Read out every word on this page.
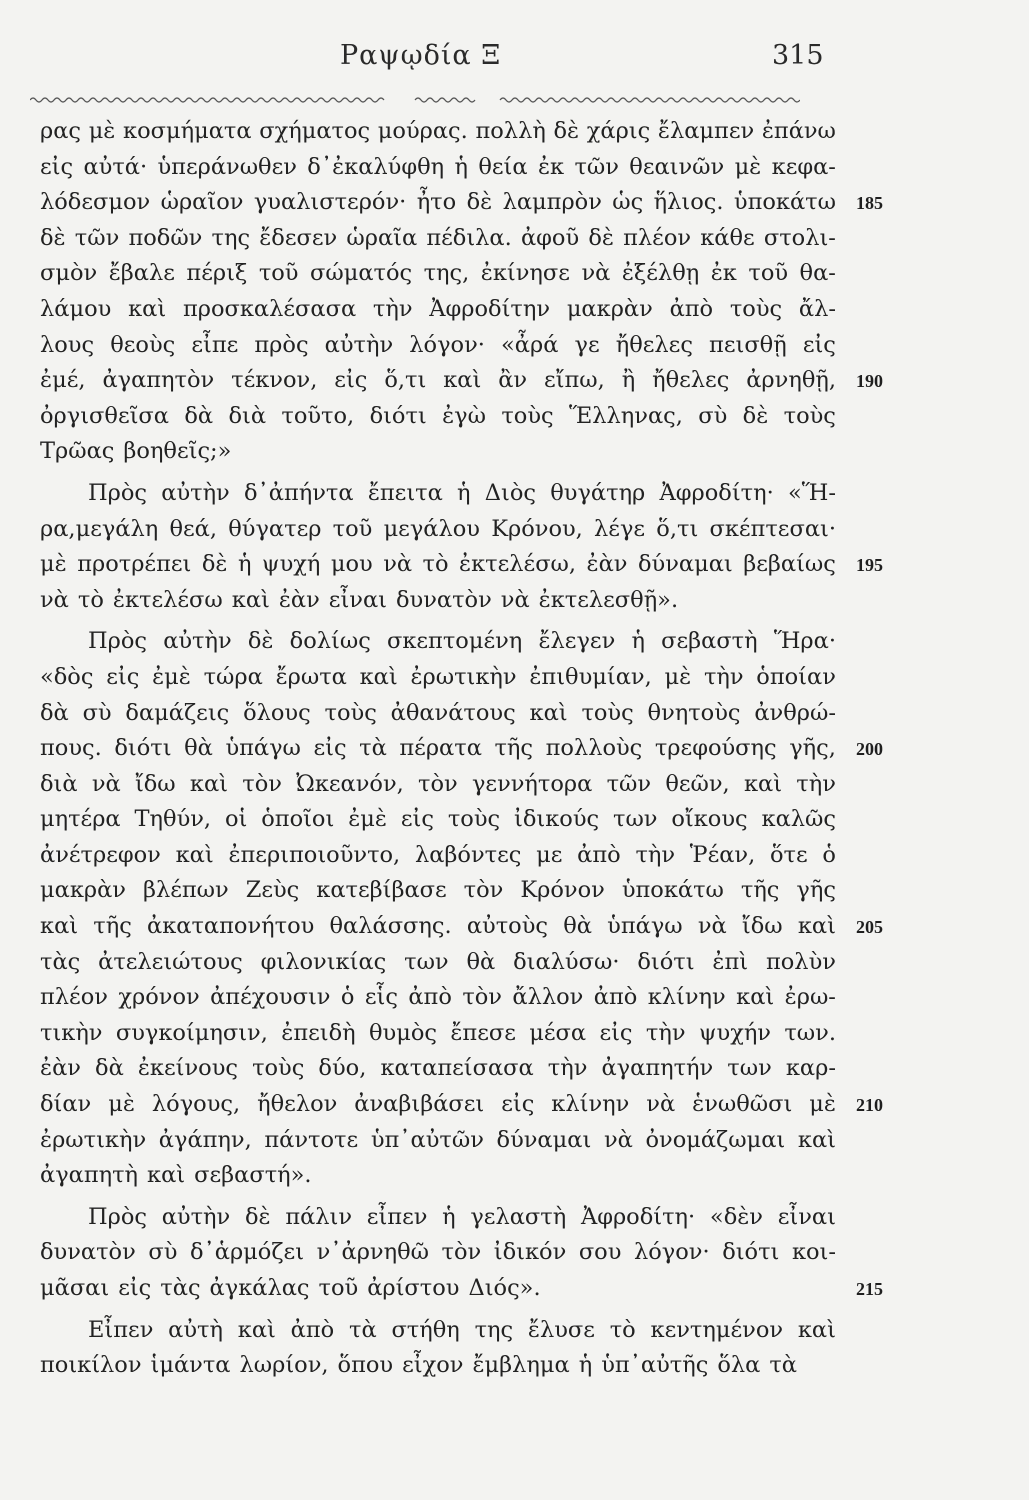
Ραψῳδία Ξ	315
ρας μὲ κοσμήματα σχήματος μούρας. πολλὴ δὲ χάρις ἔλαμπεν ἐπάνω
εἰς αὐτά· ὑπεράνωθεν δ᾿ἐκαλύφθη ἡ θεία ἐκ τῶν θεαινῶν μὲ κεφα-
λόδεσμον ὡραῖον γυαλιστερόν· ἦτο δὲ λαμπρὸν ὡς ἥλιος. ὑποκάτω
δὲ τῶν ποδῶν της ἔδεσεν ὡραῖα πέδιλα. ἀφοῦ δὲ πλέον κάθε στολι-
σμὸν ἔβαλε πέριξ τοῦ σώματός της, ἐκίνησε νὰ ἐξέλθῃ ἐκ τοῦ θα-
λάμου καὶ προσκαλέσασα τὴν Ἀφροδίτην μακρὰν ἀπὸ τοὺς ἄλ-
λους θεοὺς εἶπε πρὸς αὐτὴν λόγον· «ἆρά γε ἤθελες πεισθῇ εἰς
ἐμέ, ἀγαπητὸν τέκνον, εἰς ὅ,τι καὶ ἂν εἴπω, ἢ ἤθελες ἀρνηθῇ,
ὀργισθεῖσα δὰ διὰ τοῦτο, διότι ἐγὼ τοὺς Ἕλληνας, σὺ δὲ τοὺς
Τρῶας βοηθεῖς;»
Πρὸς αὐτὴν δ᾿ἀπήντα ἔπειτα ἡ Διὸς θυγάτηρ Ἀφροδίτη· «Ἥ-
ρα,μεγάλη θεά, θύγατερ τοῦ μεγάλου Κρόνου, λέγε ὅ,τι σκέπτεσαι·
μὲ προτρέπει δὲ ἡ ψυχή μου νὰ τὸ ἐκτελέσω, ἐὰν δύναμαι βεβαίως
νὰ τὸ ἐκτελέσω καὶ ἐὰν εἶναι δυνατὸν νὰ ἐκτελεσθῇ».
Πρὸς αὐτὴν δὲ δολίως σκεπτομένη ἔλεγεν ἡ σεβαστὴ Ἥρα·
«δὸς εἰς ἐμὲ τώρα ἔρωτα καὶ ἐρωτικὴν ἐπιθυμίαν, μὲ τὴν ὁποίαν
δὰ σὺ δαμάζεις ὅλους τοὺς ἀθανάτους καὶ τοὺς θνητοὺς ἀνθρώ-
πους. διότι θὰ ὑπάγω εἰς τὰ πέρατα τῆς πολλοὺς τρεφούσης γῆς,
διὰ νὰ ἴδω καὶ τὸν Ὠκεανόν, τὸν γεννήτορα τῶν θεῶν, καὶ τὴν
μητέρα Τηθύν, οἱ ὁποῖοι ἐμὲ εἰς τοὺς ἰδικούς των οἴκους καλῶς
ἀνέτρεφον καὶ ἐπεριποιοῦντο, λαβόντες με ἀπὸ τὴν Ῥέαν, ὅτε ὁ
μακρὰν βλέπων Ζεὺς κατεβίβασε τὸν Κρόνον ὑποκάτω τῆς γῆς
καὶ τῆς ἀκαταπονήτου θαλάσσης. αὐτοὺς θὰ ὑπάγω νὰ ἴδω καὶ
τὰς ἀτελειώτους φιλονικίας των θὰ διαλύσω· διότι ἐπὶ πολὺν
πλέον χρόνον ἀπέχουσιν ὁ εἷς ἀπὸ τὸν ἄλλον ἀπὸ κλίνην καὶ ἐρω-
τικὴν συγκοίμησιν, ἐπειδὴ θυμὸς ἔπεσε μέσα εἰς τὴν ψυχήν των.
ἐὰν δὰ ἐκείνους τοὺς δύο, καταπείσασα τὴν ἀγαπητήν των καρ-
δίαν μὲ λόγους, ἤθελον ἀναβιβάσει εἰς κλίνην νὰ ἑνωθῶσι μὲ
ἐρωτικὴν ἀγάπην, πάντοτε ὑπ᾿αὐτῶν δύναμαι νὰ ὀνομάζωμαι καὶ
ἀγαπητὴ καὶ σεβαστή».
Πρὸς αὐτὴν δὲ πάλιν εἶπεν ἡ γελαστὴ Ἀφροδίτη· «δὲν εἶναι
δυνατὸν σὺ δ᾿ἁρμόζει ν᾿ἀρνηθῶ τὸν ἰδικόν σου λόγον· διότι κοι-
μᾶσαι εἰς τὰς ἀγκάλας τοῦ ἀρίστου Διός».
Εἶπεν αὐτὴ καὶ ἀπὸ τὰ στήθη της ἔλυσε τὸ κεντημένον καὶ
ποικίλον ἱμάντα λωρίον, ὅπου εἶχον ἔμβλημα ἡ ὑπ᾿αὐτῆς ὅλα τὰ
185
190
195
200
205
210
215
